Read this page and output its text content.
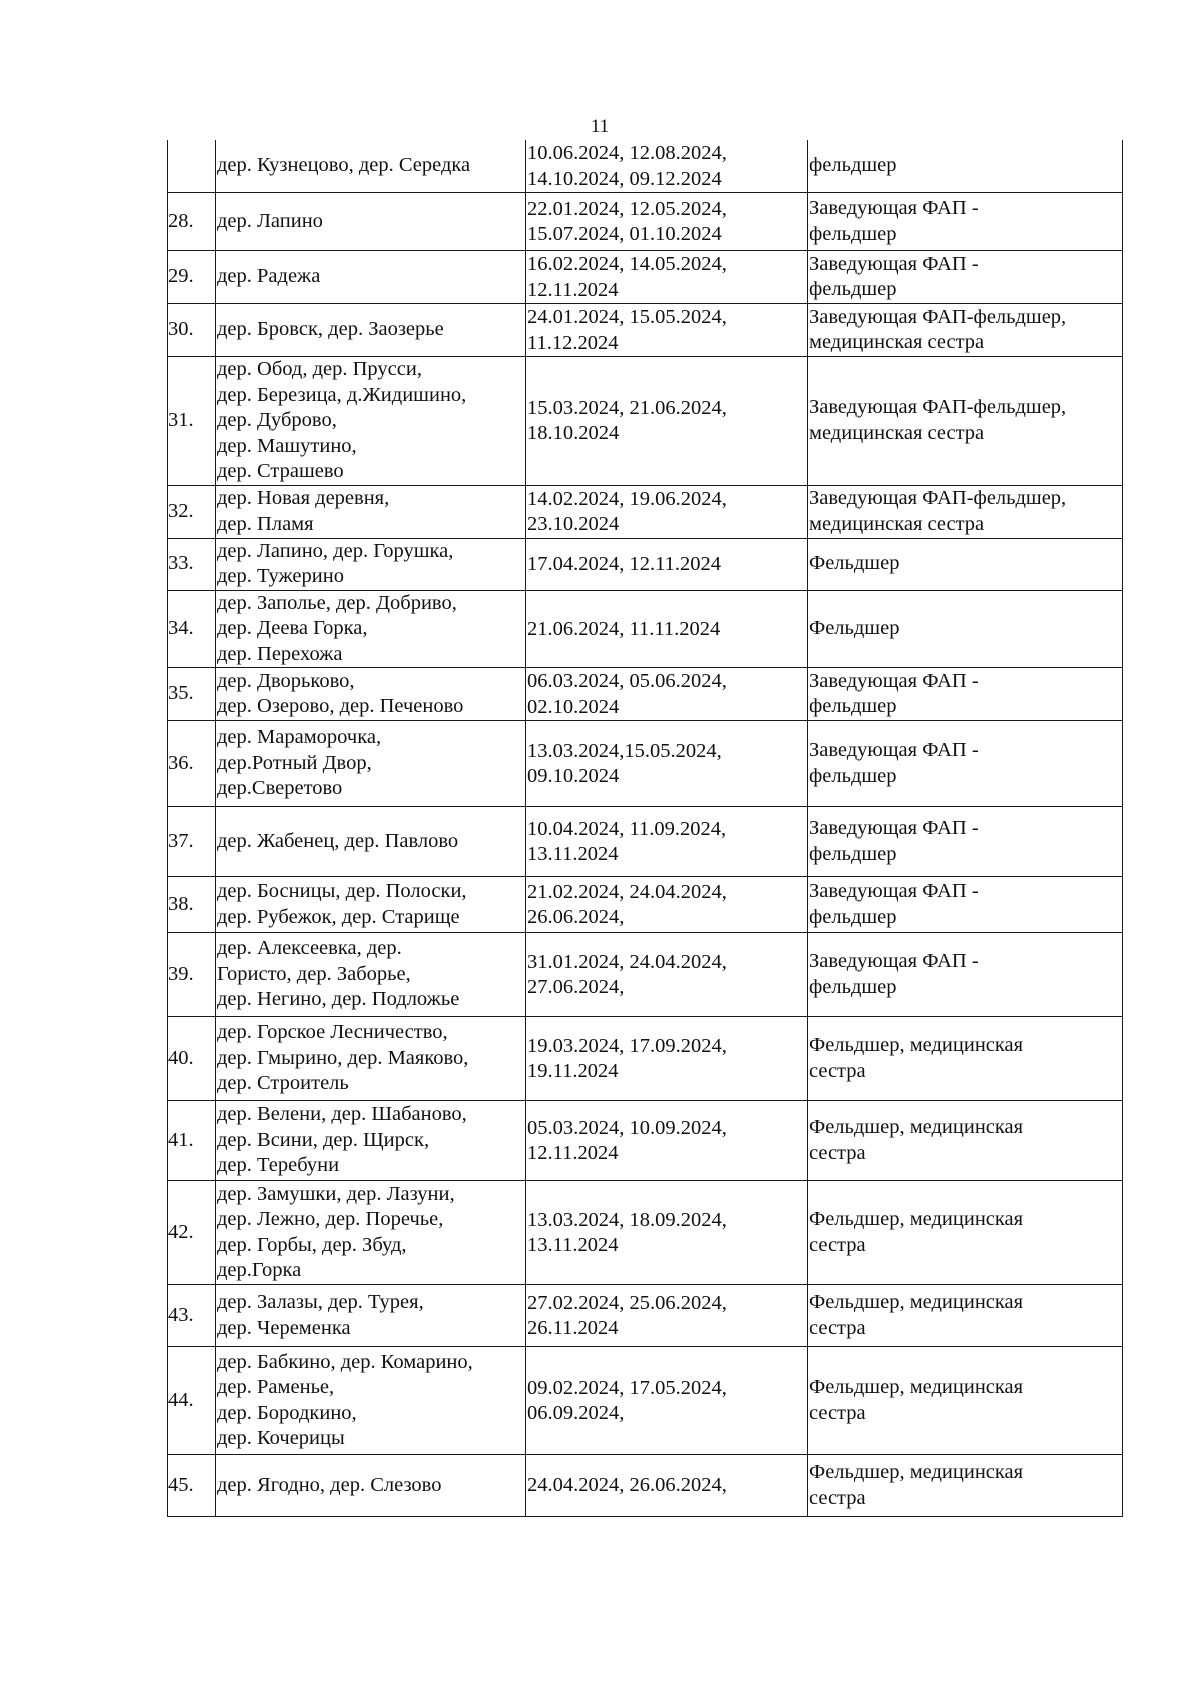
11

	дер. Кузнецово, дер. Середка	10.06.2024, 12.08.2024,
14.10.2024, 09.12.2024	фельдшер

28.	дер. Лапино	22.01.2024, 12.05.2024,
15.07.2024, 01.10.2024	Заведующая ФАП -
фельдшер

29.	дер. Радежа	16.02.2024, 14.05.2024,
12.11.2024	Заведующая ФАП -
фельдшер

30.	дер. Бровск, дер. Заозерье	24.01.2024, 15.05.2024,
11.12.2024	Заведующая ФАП-фельдшер,
медицинская сестра

31.	дер. Обод, дер. Прусси,
дер. Березица, д.Жидишино,
дер. Дуброво,
дер. Машутино,
дер. Страшево	15.03.2024, 21.06.2024,
18.10.2024	Заведующая ФАП-фельдшер,
медицинская сестра

32.	дер. Новая деревня,
дер. Пламя	14.02.2024, 19.06.2024,
23.10.2024	Заведующая ФАП-фельдшер,
медицинская сестра

33.	дер. Лапино, дер. Горушка,
дер. Тужерино	17.04.2024, 12.11.2024	Фельдшер

34.	дер. Заполье, дер. Добриво,
дер. Деева Горка,
дер. Перехожа	21.06.2024, 11.11.2024	Фельдшер

35.	дер. Дворьково,
дер. Озерово, дер. Печеново	06.03.2024, 05.06.2024,
02.10.2024	Заведующая ФАП -
фельдшер

36.	дер. Мараморочка,
дер.Ротный Двор,
дер.Сверетово	13.03.2024,15.05.2024,
09.10.2024	Заведующая ФАП -
фельдшер

37.	дер. Жабенец, дер. Павлово	10.04.2024, 11.09.2024,
13.11.2024	Заведующая ФАП -
фельдшер

38.	дер. Босницы, дер. Полоски,
дер. Рубежок, дер. Старище	21.02.2024, 24.04.2024,
26.06.2024,	Заведующая ФАП -
фельдшер

39.	дер. Алексеевка, дер.
Гористо, дер. Заборье,
дер. Негино, дер. Подложье	31.01.2024, 24.04.2024,
27.06.2024,	Заведующая ФАП -
фельдшер

40.	дер. Горское Лесничество,
дер. Гмырино, дер. Маяково,
дер. Строитель	19.03.2024, 17.09.2024,
19.11.2024	Фельдшер, медицинская
сестра

41.	дер. Велени, дер. Шабаново,
дер. Всини, дер. Щирск,
дер. Теребуни	05.03.2024, 10.09.2024,
12.11.2024	Фельдшер, медицинская
сестра

42.	дер. Замушки, дер. Лазуни,
дер. Лежно, дер. Поречье,
дер. Горбы, дер. Збуд,
дер.Горка	13.03.2024, 18.09.2024,
13.11.2024	Фельдшер, медицинская
сестра

43.	дер. Залазы, дер. Турея,
дер. Череменка	27.02.2024, 25.06.2024,
26.11.2024	Фельдшер, медицинская
сестра

44.	дер. Бабкино, дер. Комарино,
дер. Раменье,
дер. Бородкино,
дер. Кочерицы	09.02.2024, 17.05.2024,
06.09.2024,	Фельдшер, медицинская
сестра

45.	дер. Ягодно, дер. Слезово	24.04.2024, 26.06.2024,	Фельдшер, медицинская
сестра
